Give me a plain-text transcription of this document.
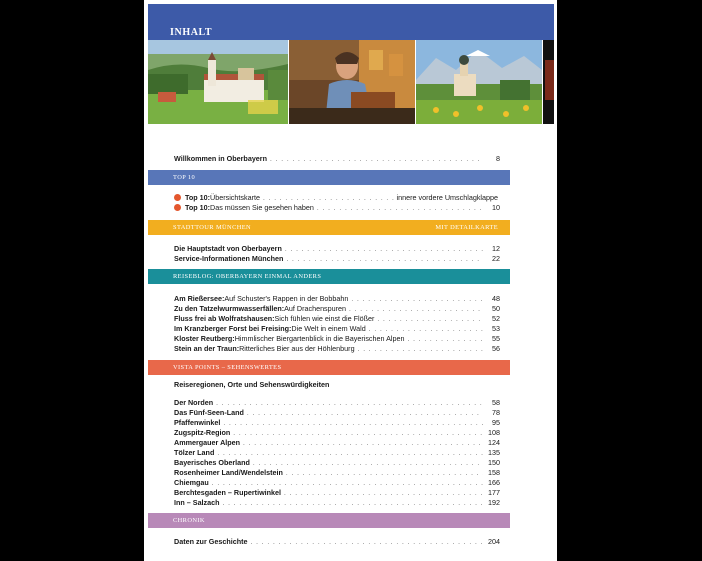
INHALT
Willkommen in Oberbayern . . .	8
TOP 10
Top 10: Übersichtskarte . . .	innere vordere Umschlagklappe
Top 10: Das müssen Sie gesehen haben . . .	10
STADTTOUR MÜNCHEN	MIT DETAILKARTE
Die Hauptstadt von Oberbayern . . .	12
Service-Informationen München . . .	22
REISEBLOG: OBERBAYERN EINMAL ANDERS
Am Rießersee: Auf Schuster's Rappen in der Bobbahn . . .	48
Zu den Tatzelwurmwasserfällen: Auf Drachenspuren . . .	50
Fluss frei ab Wolfratshausen: Sich fühlen wie einst die Flößer . . .	52
Im Kranzberger Forst bei Freising: Die Welt in einem Wald . . .	53
Kloster Reutberg: Himmlischer Biergartenblick in die Bayerischen Alpen . . .	55
Stein an der Traun: Ritterliches Bier aus der Höhlenburg . . .	56
VISTA POINTS – SEHENSWERTES
Reiseregionen, Orte und Sehenswürdigkeiten
Der Norden . . .	58
Das Fünf-Seen-Land . . .	78
Pfaffenwinkel . . .	95
Zugspitz-Region . . .	108
Ammergauer Alpen . . .	124
Tölzer Land . . .	135
Bayerisches Oberland . . .	150
Rosenheimer Land/Wendelstein . . .	158
Chiemgau . . .	166
Berchtesgaden – Rupertiwinkel . . .	177
Inn – Salzach . . .	192
CHRONIK
Daten zur Geschichte . . .	204
